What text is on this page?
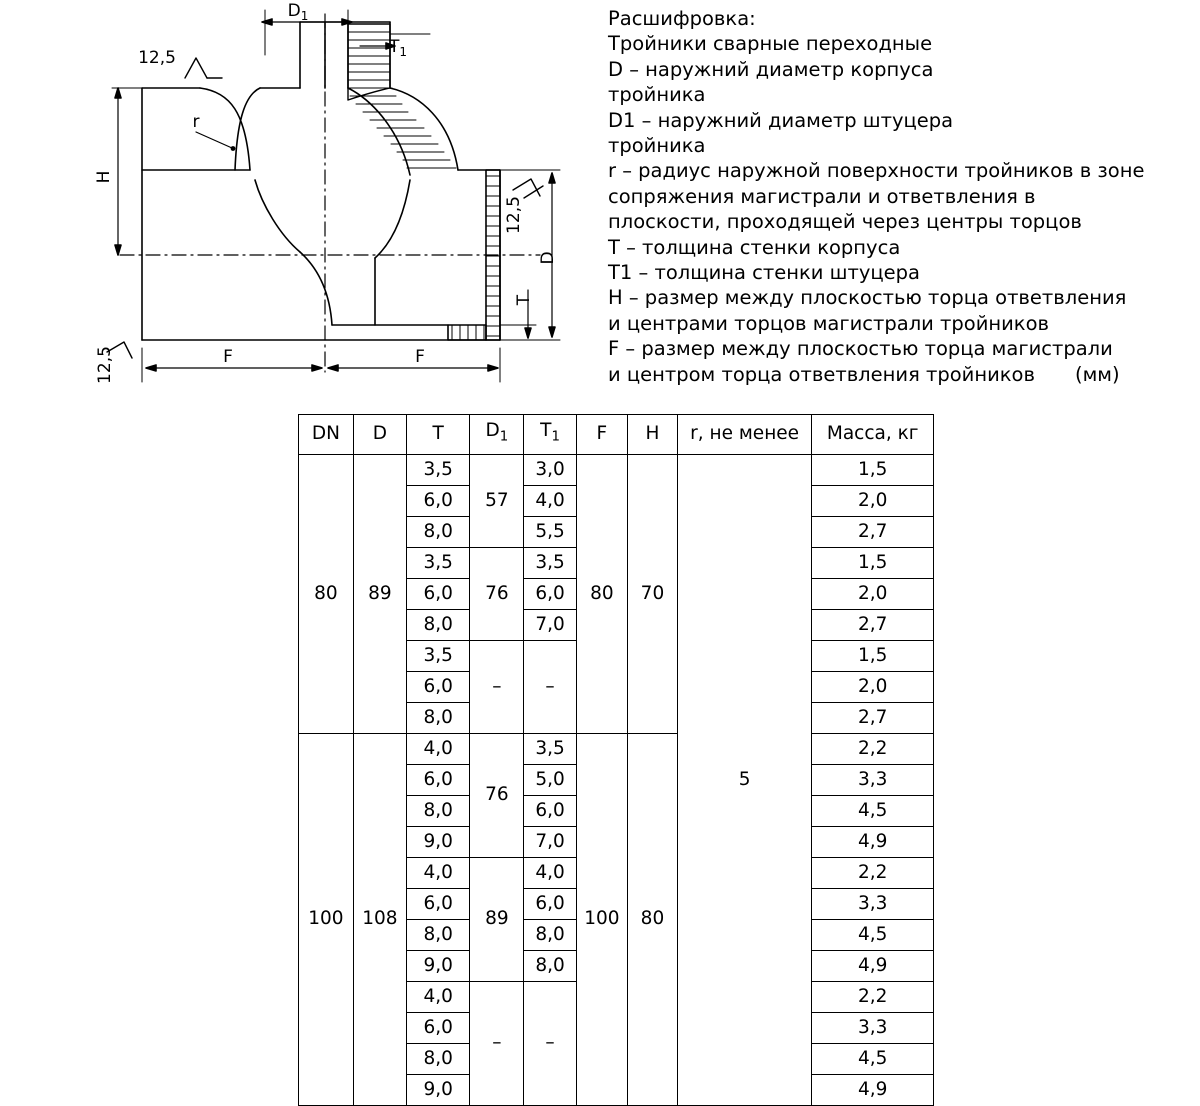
$D_1$
$T_1$
12,5
r
H
D
T
12,5
12,5	F	F
Расшифровка:
Тройники сварные переходные
D – наружний диаметр корпуса
тройника
D1 – наружний диаметр штуцера
тройника
r – радиус наружной поверхности тройников в зоне
сопряжения магистрали и ответвления в
плоскости, проходящей через центры торцов
T – толщина стенки корпуса
T1 – толщина стенки штуцера
H – размер между плоскостью торца ответвления
и центрами торцов магистрали тройников
F – размер между плоскостью торца магистрали
и центром торца ответвления тройников (мм)
DN	D	T	$D_1$	$T_1$	F	H	r, не менее	Масса, кг
80	89	3,5	57	3,0	80	70	5	1,5
		6,0		4,0				2,0
		8,0		5,5				2,7
		3,5	76	3,5				1,5
		6,0		6,0				2,0
		8,0		7,0				2,7
		3,5	–	–				1,5
		6,0						2,0
		8,0						2,7
100	108	4,0	76	3,5	100	80		2,2
		6,0		5,0				3,3
		8,0		6,0				4,5
		9,0		7,0				4,9
		4,0	89	4,0				2,2
		6,0		6,0				3,3
		8,0		8,0				4,5
		9,0		8,0				4,9
		4,0	–	–				2,2
		6,0						3,3
		8,0						4,5
		9,0						4,9
